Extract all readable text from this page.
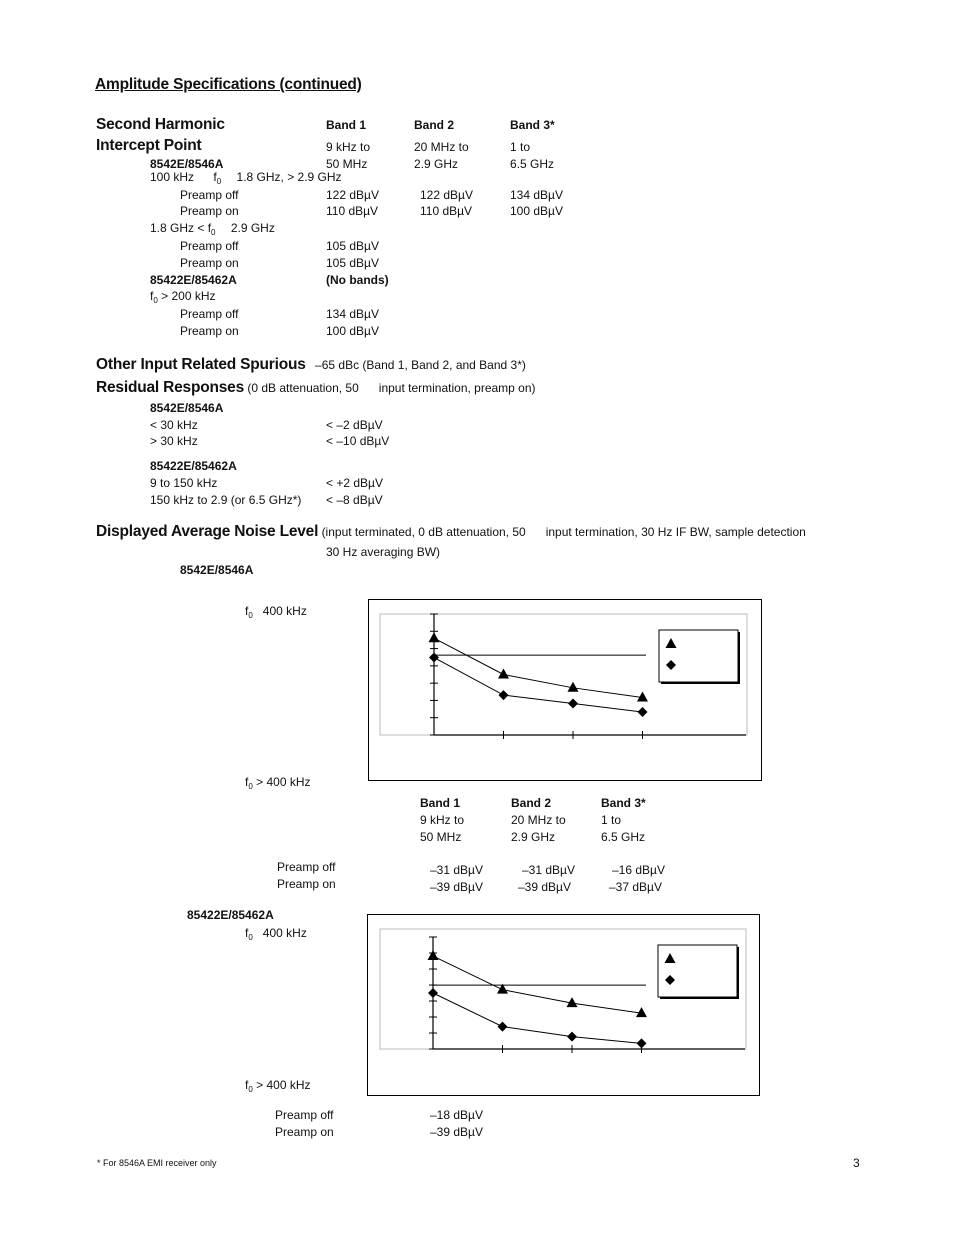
Amplitude Specifications (continued)
Second Harmonic
Intercept Point
Band 1	Band 2	Band 3*
9 kHz to	20 MHz to	1 to
8542E/8546A	50 MHz	2.9 GHz	6.5 GHz
100 kHz $f_0$ 1.8 GHz, > 2.9 GHz
Preamp off	122 dBµV	122 dBµV	134 dBµV
Preamp on	110 dBµV	110 dBµV	100 dBµV
1.8 GHz < $f_0$ 2.9 GHz
Preamp off	105 dBµV
Preamp on	105 dBµV
85422E/85462A	(No bands)
$f_0 > 200$ kHz
Preamp off	134 dBµV
Preamp on	100 dBµV
Other Input Related Spurious –65 dBc (Band 1, Band 2, and Band 3*)
Residual Responses (0 dB attenuation, 50      input termination, preamp on)
8542E/8546A
< 30 kHz	< –2 dBµV
> 30 kHz	< –10 dBµV
85422E/85462A
9 to 150 kHz	< +2 dBµV
150 kHz to 2.9 (or 6.5 GHz*) < –8 dBµV
Displayed Average Noise Level (input terminated, 0 dB attenuation, 50      input termination, 30 Hz IF BW, sample detection
30 Hz averaging BW)
8542E/8546A
$f_0$   400 kHz
$f_0 > 400$ kHz
Band 1	Band 2	Band 3*
9 kHz to	20 MHz to	1 to
50 MHz	2.9 GHz	6.5 GHz
Preamp off	–31 dBµV	–31 dBµV	–16 dBµV
Preamp on	–39 dBµV	–39 dBµV	–37 dBµV
85422E/85462A
$f_0$   400 kHz
$f_0 > 400$ kHz
Preamp off	–18 dBµV
Preamp on	–39 dBµV
* For 8546A EMI receiver only	3
